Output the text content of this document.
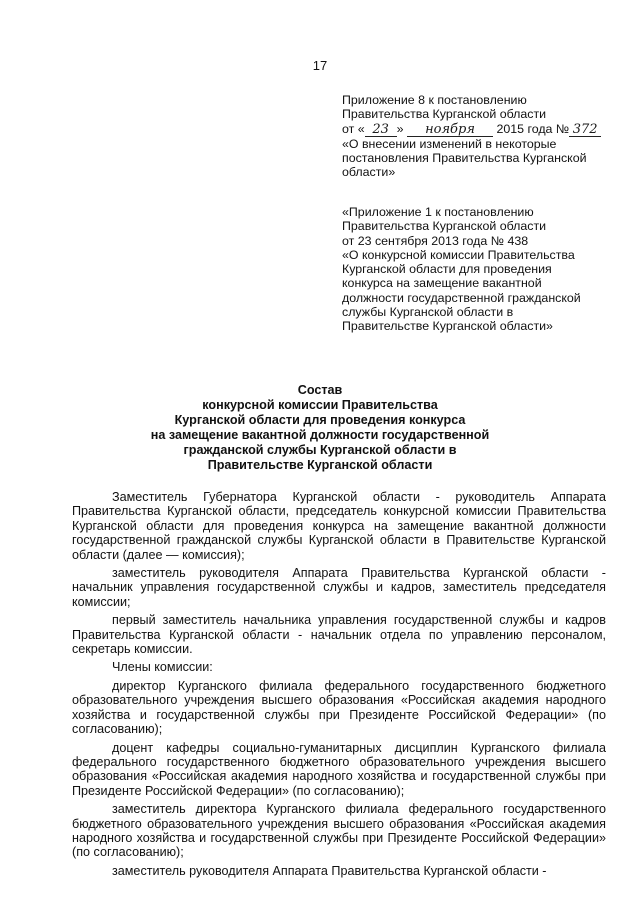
17
Приложение 8 к постановлению
Правительства Курганской области
от « 23 » ноября 2015 года № 372
«О внесении изменений в некоторые
постановления Правительства Курганской
области»
«Приложение 1 к постановлению
Правительства Курганской области
от 23 сентября 2013 года № 438
«О конкурсной комиссии Правительства
Курганской области для проведения
конкурса на замещение вакантной
должности государственной гражданской
службы Курганской области в
Правительстве Курганской области»
Состав
конкурсной комиссии Правительства
Курганской области для проведения конкурса
на замещение вакантной должности государственной
гражданской службы Курганской области в
Правительстве Курганской области

Заместитель Губернатора Курганской области - руководитель Аппарата Правительства Курганской области, председатель конкурсной комиссии Правительства Курганской области для проведения конкурса на замещение вакантной должности государственной гражданской службы Курганской области в Правительстве Курганской области (далее — комиссия);

заместитель руководителя Аппарата Правительства Курганской области - начальник управления государственной службы и кадров, заместитель председателя комиссии;

первый заместитель начальника управления государственной службы и кадров Правительства Курганской области - начальник отдела по управлению персоналом, секретарь комиссии.

Члены комиссии:

директор Курганского филиала федерального государственного бюджетного образовательного учреждения высшего образования «Российская академия народного хозяйства и государственной службы при Президенте Российской Федерации» (по согласованию);

доцент кафедры социально-гуманитарных дисциплин Курганского филиала федерального государственного бюджетного образовательного учреждения высшего образования «Российская академия народного хозяйства и государственной службы при Президенте Российской Федерации» (по согласованию);

заместитель директора Курганского филиала федерального государственного бюджетного образовательного учреждения высшего образования «Российская академия народного хозяйства и государственной службы при Президенте Российской Федерации» (по согласованию);

заместитель руководителя Аппарата Правительства Курганской области -
